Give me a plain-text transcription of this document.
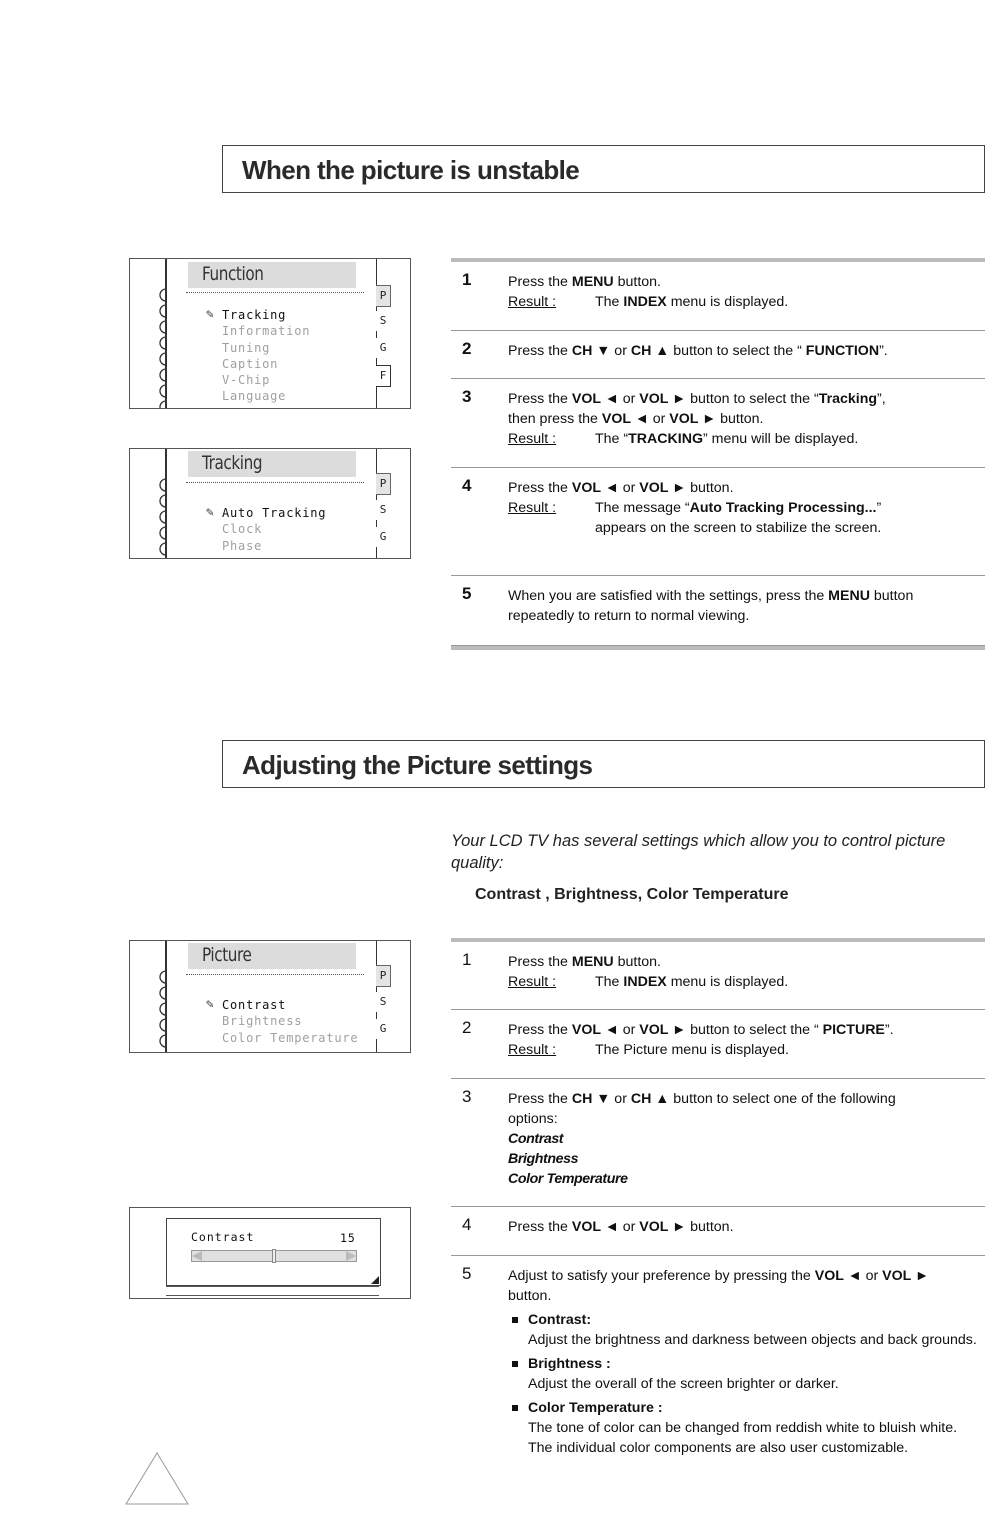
When the picture is unstable
Function
✎ Tracking
Information
Tuning
Caption
V-Chip
Language
P
S
G
F
Tracking
✎ Auto Tracking
Clock
Phase
P
S
G
1	Press the MENU button.
Result :	The INDEX menu is displayed.
2	Press the CH ▼ or CH ▲ button to select the “ FUNCTION”.
3	Press the VOL ◄ or VOL ► button to select the “Tracking”,
then press the VOL ◄ or VOL ► button.
Result :	The “TRACKING” menu will be displayed.
4	Press the VOL ◄ or VOL ► button.
Result :	The message “Auto Tracking Processing...”
appears on the screen to stabilize the screen.
5	When you are satisfied with the settings, press the MENU button
repeatedly to return to normal viewing.
Adjusting the Picture settings
Your LCD TV has several settings which allow you to control picture quality:
Contrast , Brightness, Color Temperature
Picture
✎ Contrast
Brightness
Color Temperature
P
S
G
Contrast	15
1	Press the MENU button.
Result :	The INDEX menu is displayed.
2	Press the VOL ◄ or VOL ► button to select the “ PICTURE”.
Result :	The Picture menu is displayed.
3	Press the CH ▼ or CH ▲ button to select one of the following
options:
Contrast
Brightness
Color Temperature
4	Press the VOL ◄ or VOL ► button.
5	Adjust to satisfy your preference by pressing the VOL ◄ or VOL ►
button.
Contrast:
Adjust the brightness and darkness between objects and back grounds.
Brightness :
Adjust the overall of the screen brighter or darker.
Color Temperature :
The tone of color can be changed from reddish white to bluish white. The individual color components are also user customizable.
